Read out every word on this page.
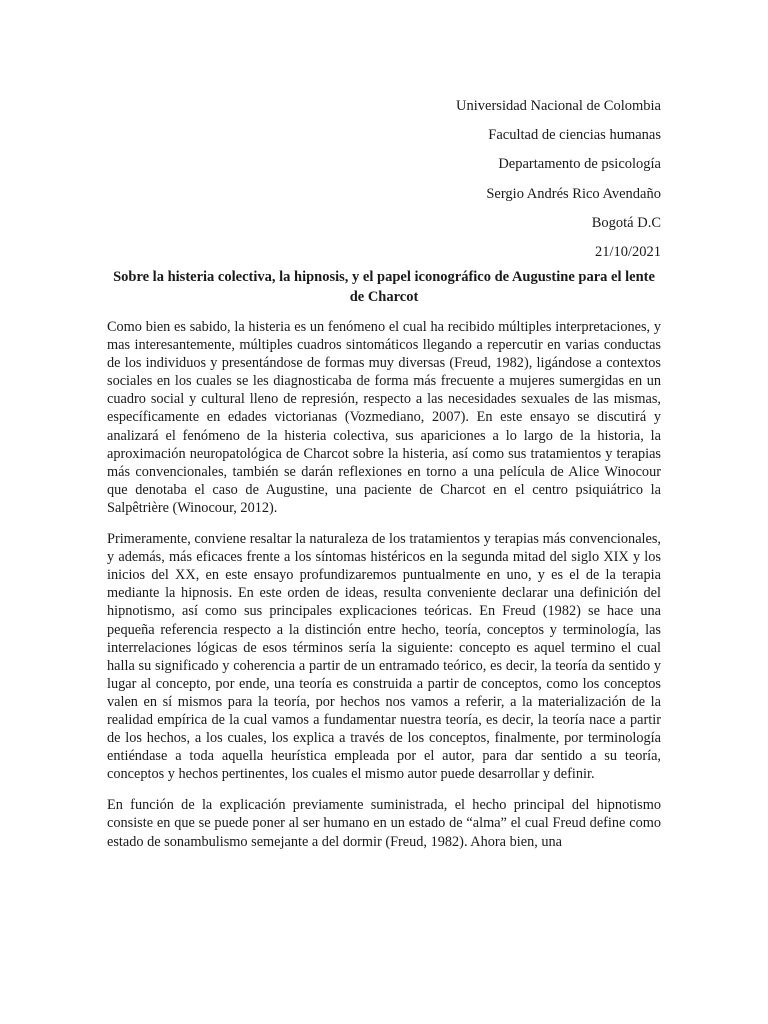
Universidad Nacional de Colombia
Facultad de ciencias humanas
Departamento de psicología
Sergio Andrés Rico Avendaño
Bogotá D.C
21/10/2021
Sobre la histeria colectiva, la hipnosis, y el papel iconográfico de Augustine para el lente de Charcot

Como bien es sabido, la histeria es un fenómeno el cual ha recibido múltiples interpretaciones, y mas interesantemente, múltiples cuadros sintomáticos llegando a repercutir en varias conductas de los individuos y presentándose de formas muy diversas (Freud, 1982), ligándose a contextos sociales en los cuales se les diagnosticaba de forma más frecuente a mujeres sumergidas en un cuadro social y cultural lleno de represión, respecto a las necesidades sexuales de las mismas, específicamente en edades victorianas (Vozmediano, 2007). En este ensayo se discutirá y analizará el fenómeno de la histeria colectiva, sus apariciones a lo largo de la historia, la aproximación neuropatológica de Charcot sobre la histeria, así como sus tratamientos y terapias más convencionales, también se darán reflexiones en torno a una película de Alice Winocour que denotaba el caso de Augustine, una paciente de Charcot en el centro psiquiátrico la Salpêtrière (Winocour, 2012).

Primeramente, conviene resaltar la naturaleza de los tratamientos y terapias más convencionales, y además, más eficaces frente a los síntomas histéricos en la segunda mitad del siglo XIX y los inicios del XX, en este ensayo profundizaremos puntualmente en uno, y es el de la terapia mediante la hipnosis. En este orden de ideas, resulta conveniente declarar una definición del hipnotismo, así como sus principales explicaciones teóricas. En Freud (1982) se hace una pequeña referencia respecto a la distinción entre hecho, teoría, conceptos y terminología, las interrelaciones lógicas de esos términos sería la siguiente: concepto es aquel termino el cual halla su significado y coherencia a partir de un entramado teórico, es decir, la teoría da sentido y lugar al concepto, por ende, una teoría es construida a partir de conceptos, como los conceptos valen en sí mismos para la teoría, por hechos nos vamos a referir, a la materialización de la realidad empírica de la cual vamos a fundamentar nuestra teoría, es decir, la teoría nace a partir de los hechos, a los cuales, los explica a través de los conceptos, finalmente, por terminología entiéndase a toda aquella heurística empleada por el autor, para dar sentido a su teoría, conceptos y hechos pertinentes, los cuales el mismo autor puede desarrollar y definir.

En función de la explicación previamente suministrada, el hecho principal del hipnotismo consiste en que se puede poner al ser humano en un estado de “alma” el cual Freud define como estado de sonambulismo semejante a del dormir (Freud, 1982). Ahora bien, una
